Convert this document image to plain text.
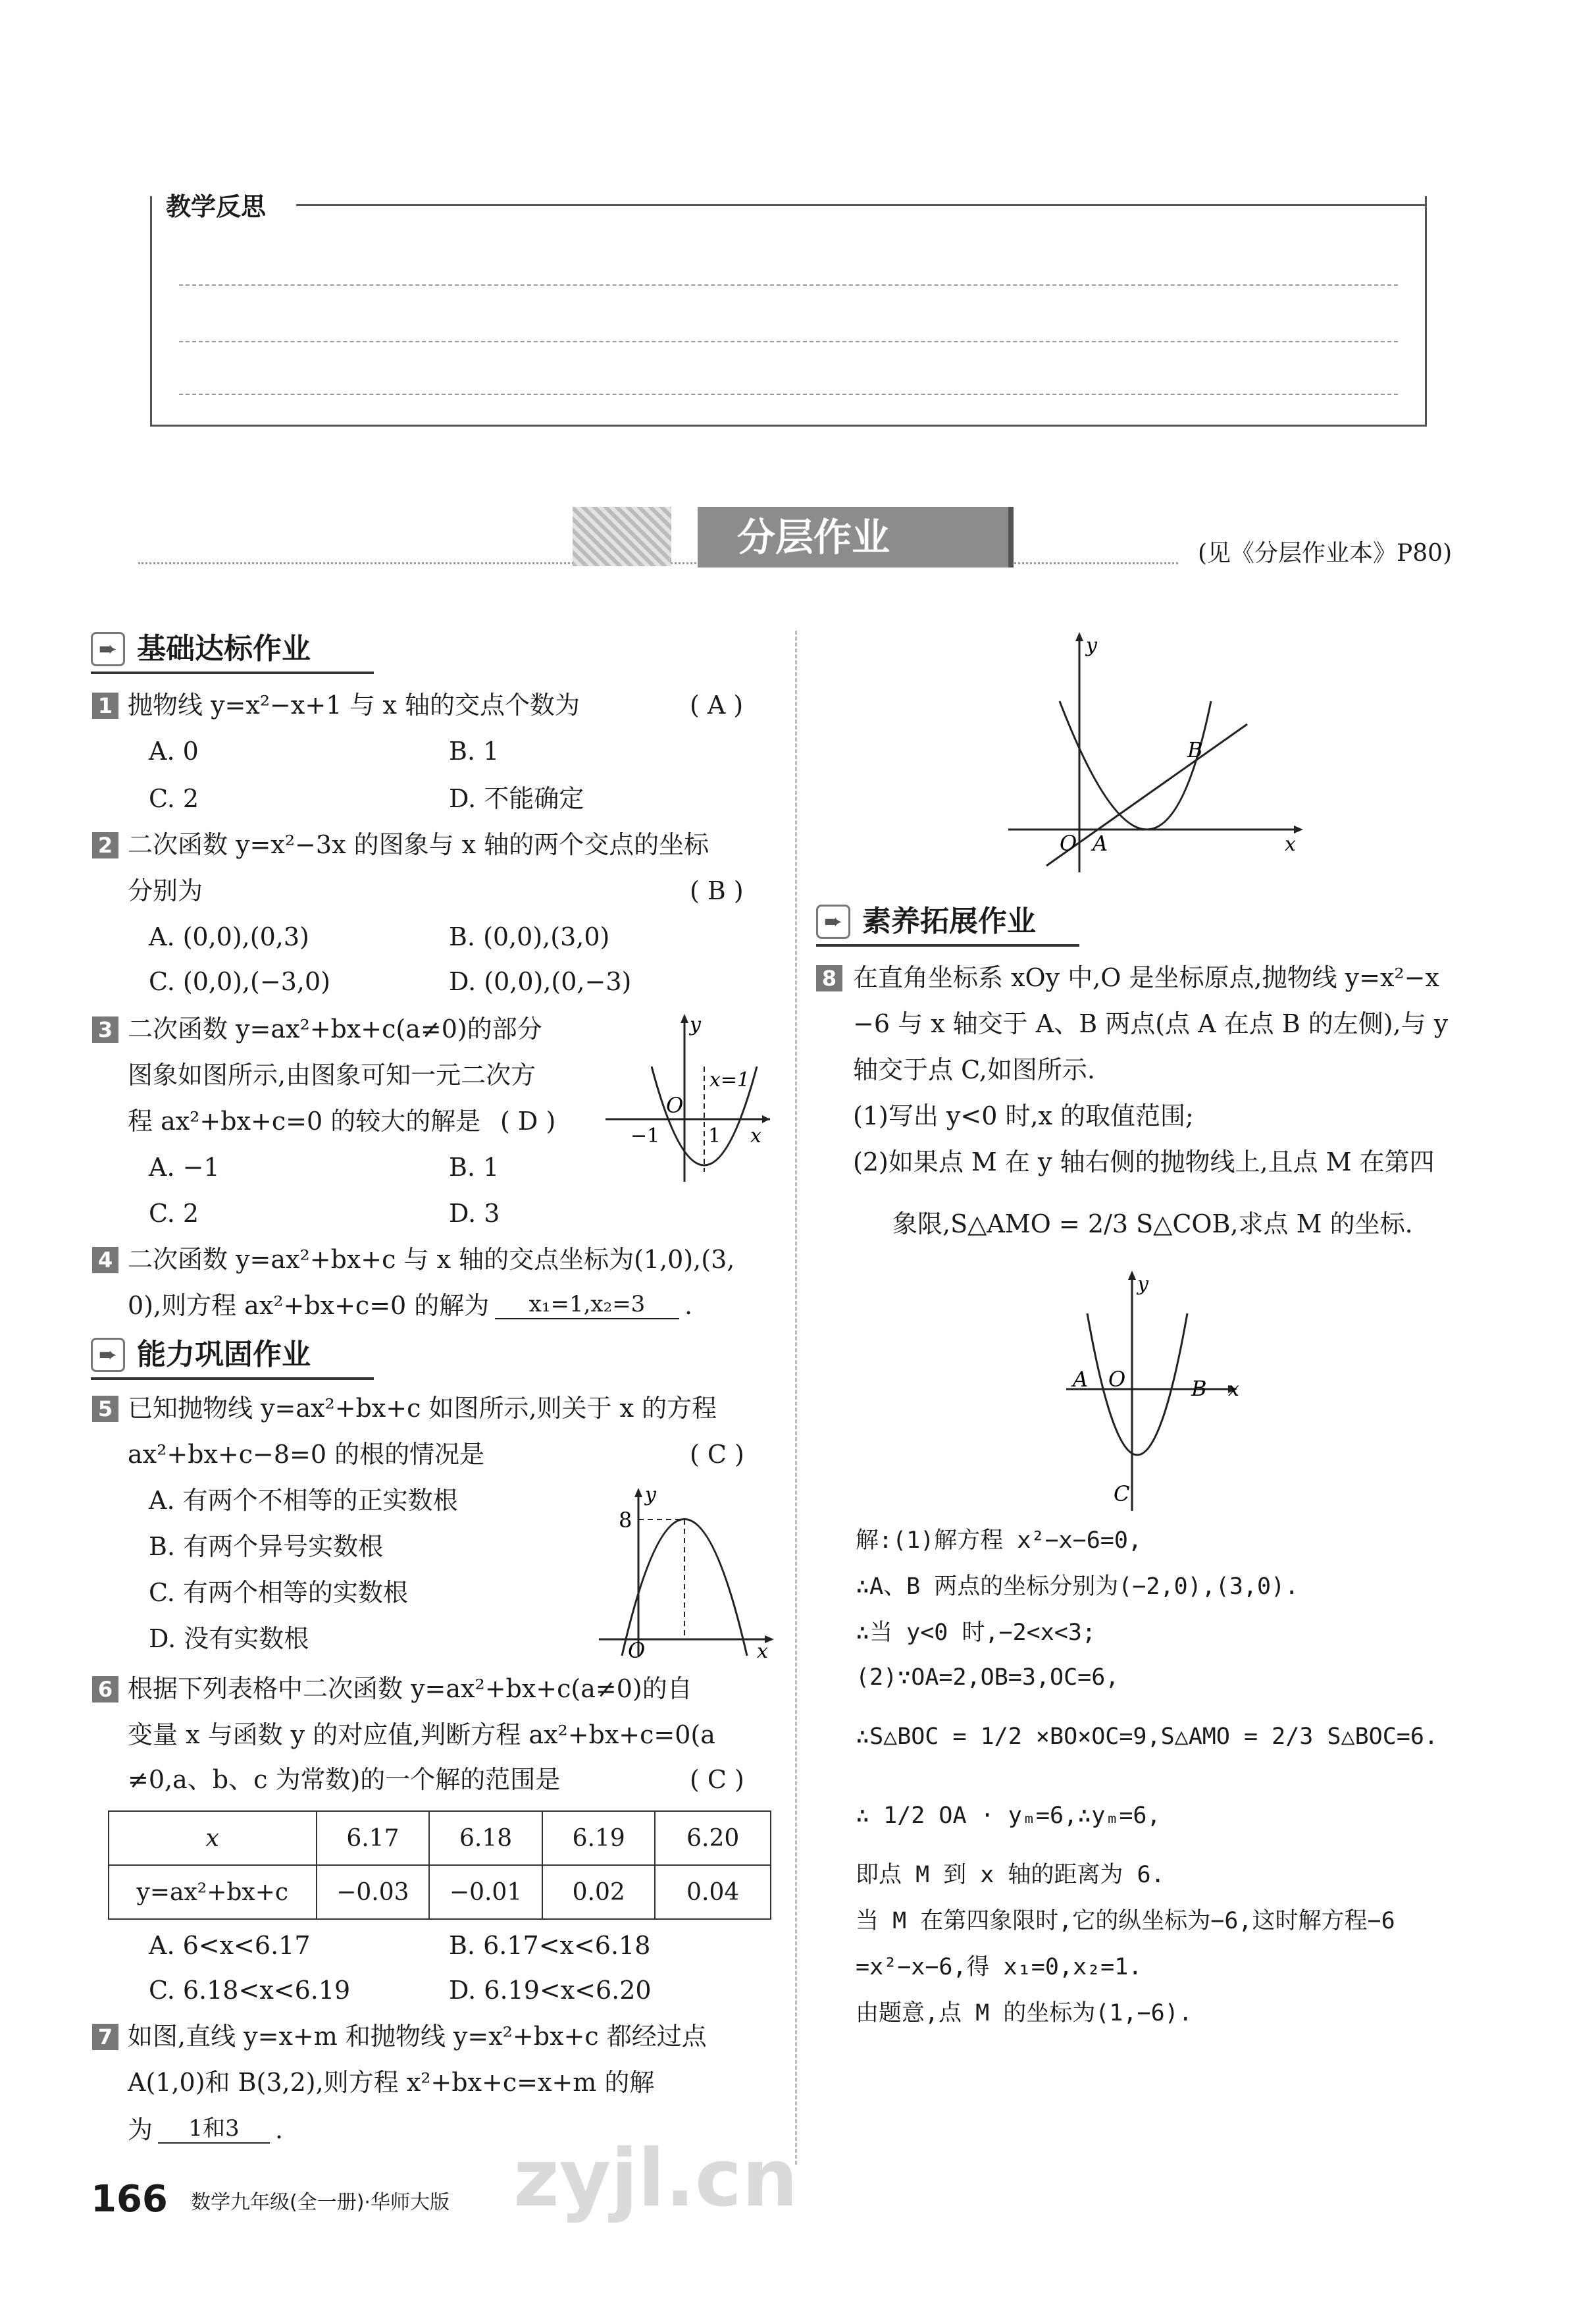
教学反思
分层作业	(见《分层作业本》P80)
➨ 基础达标作业
1 抛物线 y=x²−x+1 与 x 轴的交点个数为	( A )
A. 0	B. 1
C. 2	D. 不能确定
2 二次函数 y=x²−3x 的图象与 x 轴的两个交点的坐标
分别为	( B )
A. (0,0),(0,3)	B. (0,0),(3,0)
C. (0,0),(−3,0)	D. (0,0),(0,−3)
3 二次函数 y=ax²+bx+c(a≠0)的部分
图象如图所示,由图象可知一元二次方
程 ax²+bx+c=0 的较大的解是 ( D )
A. −1	B. 1
C. 2	D. 3
y
x=1
O
−1 1 x
4 二次函数 y=ax²+bx+c 与 x 轴的交点坐标为(1,0),(3,
0),则方程 ax²+bx+c=0 的解为	x₁=1,x₂=3	.
➨ 能力巩固作业
5 已知抛物线 y=ax²+bx+c 如图所示,则关于 x 的方程
ax²+bx+c−8=0 的根的情况是	( C )
A. 有两个不相等的正实数根
B. 有两个异号实数根
C. 有两个相等的实数根
D. 没有实数根
y
8
O	x
6 根据下列表格中二次函数 y=ax²+bx+c(a≠0)的自
变量 x 与函数 y 的对应值,判断方程 ax²+bx+c=0(a
≠0,a、b、c 为常数)的一个解的范围是	( C )
x	6.17	6.18	6.19	6.20
y=ax²+bx+c	−0.03	−0.01	0.02	0.04
A. 6<x<6.17	B. 6.17<x<6.18
C. 6.18<x<6.19	D. 6.19<x<6.20
7 如图,直线 y=x+m 和抛物线 y=x²+bx+c 都经过点
A(1,0)和 B(3,2),则方程 x²+bx+c=x+m 的解
为	1和3	.
y
B
O A	x
➨ 素养拓展作业
8 在直角坐标系 xOy 中,O 是坐标原点,抛物线 y=x²−x
−6 与 x 轴交于 A、B 两点(点 A 在点 B 的左侧),与 y
轴交于点 C,如图所示.
(1)写出 y<0 时,x 的取值范围;
(2)如果点 M 在 y 轴右侧的抛物线上,且点 M 在第四
象限,S△AMO = 2/3 S△COB,求点 M 的坐标.
y
A O	B x
C
解:(1)解方程 x²−x−6=0,
∴A、B 两点的坐标分别为(−2,0),(3,0).
∴当 y<0 时,−2<x<3;
(2)∵OA=2,OB=3,OC=6,
∴S△BOC = 1/2 ×BO×OC=9,S△AMO = 2/3 S△BOC=6.
∴ 1/2 OA · yₘ=6,∴yₘ=6,
即点 M 到 x 轴的距离为 6.
当 M 在第四象限时,它的纵坐标为−6,这时解方程−6
=x²−x−6,得 x₁=0,x₂=1.
由题意,点 M 的坐标为(1,−6).
166 数学九年级(全一册)·华师大版 zyjl.cn
